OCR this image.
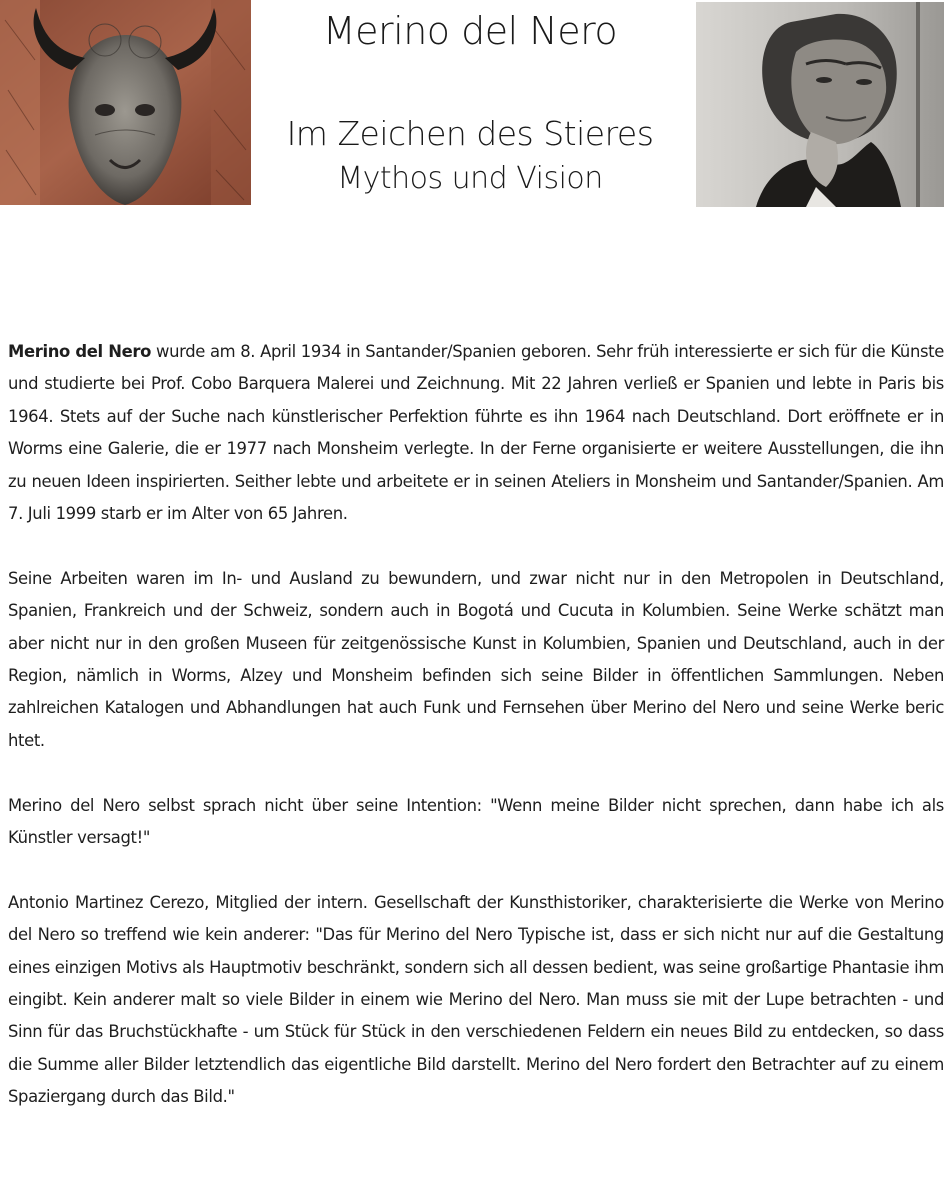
Merino del Nero
Im Zeichen des Stieres
Mythos und Vision

Merino del Nero wurde am 8. April 1934 in Santander/Spanien geboren. Sehr früh interessierte er sich für die Künste und studierte bei Prof. Cobo Barquera Malerei und Zeichnung. Mit 22 Jahren verließ er Spanien und lebte in Paris bis 1964. Stets auf der Suche nach künstlerischer Perfektion führte es ihn 1964 nach Deutschland. Dort eröffnete er in Worms eine Galerie, die er 1977 nach Monsheim verlegte. In der Ferne organisierte er weitere Ausstellungen, die ihn zu neuen Ideen inspirierten. Seither lebte und arbeitete er in seinen Ateliers in Monsheim und Santander/Spanien. Am 7. Juli 1999 starb er im Alter von 65 Jahren.

Seine Arbeiten waren im In- und Ausland zu bewundern, und zwar nicht nur in den Metropolen in Deutschland, Spanien, Frankreich und der Schweiz, sondern auch in Bogotá und Cucuta in Kolumbien. Seine Werke schätzt man aber nicht nur in den großen Museen für zeitgenössische Kunst in Kolumbien, Spanien und Deutschland, auch in der Region, nämlich in Worms, Alzey und Monsheim befinden sich seine Bilder in öffentlichen Sammlungen. Neben zahlreichen Katalogen und Abhandlungen hat auch Funk und Fernsehen über Merino del Nero und seine Werke beric htet.

Merino del Nero selbst sprach nicht über seine Intention: "Wenn meine Bilder nicht sprechen, dann habe ich als Künstler versagt!"

Antonio Martinez Cerezo, Mitglied der intern. Gesellschaft der Kunsthistoriker, charakterisierte die Werke von Merino del Nero so treffend wie kein anderer: "Das für Merino del Nero Typische ist, dass er sich nicht nur auf die Gestaltung eines einzigen Motivs als Hauptmotiv beschränkt, sondern sich all dessen bedient, was seine großartige Phantasie ihm eingibt. Kein anderer malt so viele Bilder in einem wie Merino del Nero. Man muss sie mit der Lupe betrachten - und Sinn für das Bruchstückhafte - um Stück für Stück in den verschiedenen Feldern ein neues Bild zu entdecken, so dass die Summe aller Bilder letztendlich das eigentliche Bild darstellt. Merino del Nero fordert den Betrachter auf zu einem Spaziergang durch das Bild."
